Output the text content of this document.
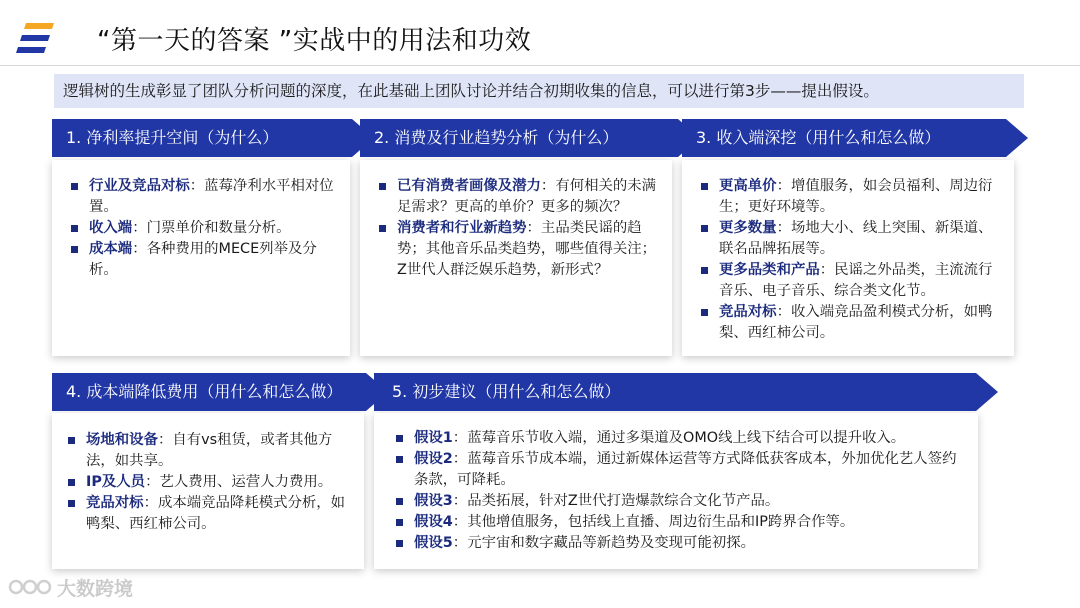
“第一天的答案 ”实战中的用法和功效
逻辑树的生成彰显了团队分析问题的深度，在此基础上团队讨论并结合初期收集的信息，可以进行第3步——提出假设。
1. 净利率提升空间（为什么）
行业及竞品对标：蓝莓净利水平相对位置。
收入端：门票单价和数量分析。
成本端：各种费用的MECE列举及分析。
2. 消费及行业趋势分析（为什么）
已有消费者画像及潜力：有何相关的未满足需求？更高的单价？更多的频次？
消费者和行业新趋势：主品类民谣的趋势；其他音乐品类趋势，哪些值得关注；Z世代人群泛娱乐趋势，新形式？
3. 收入端深挖（用什么和怎么做）
更高单价：增值服务，如会员福利、周边衍生；更好环境等。
更多数量：场地大小、线上突围、新渠道、联名品牌拓展等。
更多品类和产品：民谣之外品类，主流流行音乐、电子音乐、综合类文化节。
竞品对标：收入端竞品盈利模式分析，如鸭梨、西红柿公司。
4. 成本端降低费用（用什么和怎么做）
场地和设备：自有vs租赁，或者其他方法，如共享。
IP及人员：艺人费用、运营人力费用。
竞品对标：成本端竞品降耗模式分析，如鸭梨、西红柿公司。
5. 初步建议（用什么和怎么做）
假设1：蓝莓音乐节收入端，通过多渠道及OMO线上线下结合可以提升收入。
假设2：蓝莓音乐节成本端，通过新媒体运营等方式降低获客成本，外加优化艺人签约条款，可降耗。
假设3：品类拓展，针对Z世代打造爆款综合文化节产品。
假设4：其他增值服务，包括线上直播、周边衍生品和IP跨界合作等。
假设5：元宇宙和数字藏品等新趋势及变现可能初探。
大数跨境
